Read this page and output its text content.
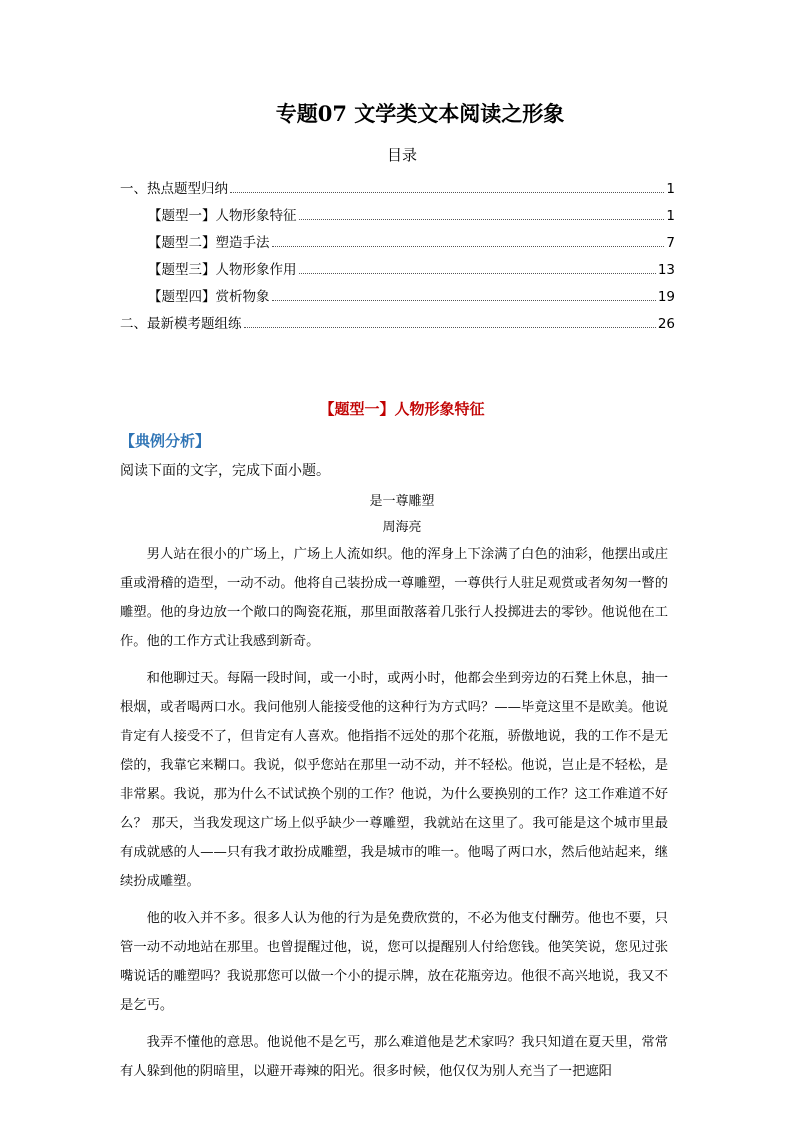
专题07 文学类文本阅读之形象
目录
一、热点题型归纳	1
【题型一】人物形象特征	1
【题型二】塑造手法	7
【题型三】人物形象作用	13
【题型四】赏析物象	19
二、最新模考题组练	26
【题型一】人物形象特征
【典例分析】
阅读下面的文字，完成下面小题。
是一尊雕塑
周海亮

男人站在很小的广场上，广场上人流如织。他的浑身上下涂满了白色的油彩，他摆出或庄重或滑稽的造型，一动不动。他将自己装扮成一尊雕塑，一尊供行人驻足观赏或者匆匆一瞥的雕塑。他的身边放一个敞口的陶瓷花瓶，那里面散落着几张行人投掷进去的零钞。他说他在工作。他的工作方式让我感到新奇。

和他聊过天。每隔一段时间，或一小时，或两小时，他都会坐到旁边的石凳上休息，抽一根烟，或者喝两口水。我问他别人能接受他的这种行为方式吗？——毕竟这里不是欧美。他说肯定有人接受不了，但肯定有人喜欢。他指指不远处的那个花瓶，骄傲地说，我的工作不是无偿的，我靠它来糊口。我说，似乎您站在那里一动不动，并不轻松。他说，岂止是不轻松，是非常累。我说，那为什么不试试换个别的工作？他说，为什么要换别的工作？这工作难道不好么？ 那天，当我发现这广场上似乎缺少一尊雕塑，我就站在这里了。我可能是这个城市里最有成就感的人——只有我才敢扮成雕塑，我是城市的唯一。他喝了两口水，然后他站起来，继续扮成雕塑。

他的收入并不多。很多人认为他的行为是免费欣赏的，不必为他支付酬劳。他也不要，只管一动不动地站在那里。也曾提醒过他，说，您可以提醒别人付给您钱。他笑笑说，您见过张嘴说话的雕塑吗？我说那您可以做一个小的提示牌，放在花瓶旁边。他很不高兴地说，我又不是乞丐。

我弄不懂他的意思。他说他不是乞丐，那么难道他是艺术家吗？我只知道在夏天里，常常有人躲到他的阴暗里，以避开毒辣的阳光。很多时候，他仅仅为别人充当了一把遮阳
